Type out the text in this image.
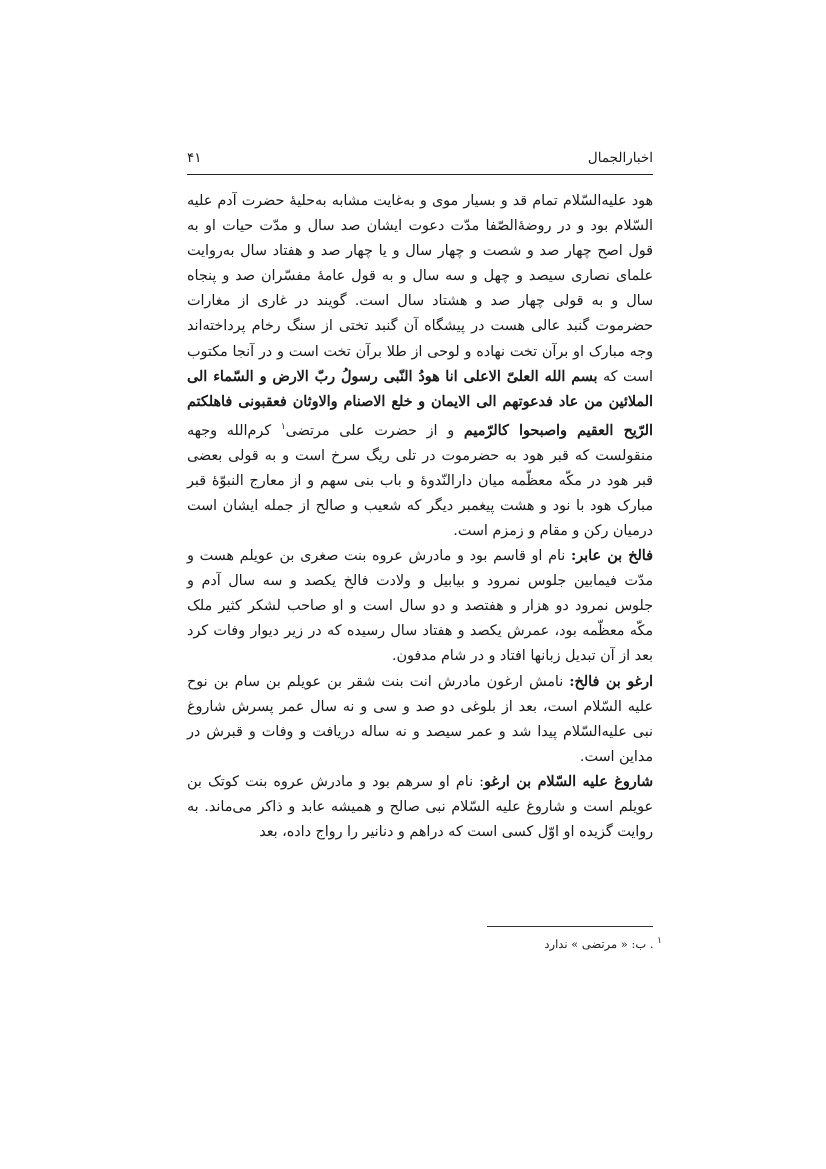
اخبارالجمال
۴۱

هود علیه‌السّلام تمام قد و بسیار موی و به‌غایت مشابه به‌حلیۀ حضرت آدم علیه السّلام بود و در روضۀالصّفا مدّت دعوت ایشان صد سال و مدّت حیات او به قول اصح چهار صد و شصت و چهار سال و یا چهار صد و هفتاد سال به‌روایت علمای نصاری سیصد و چهل و سه سال و به قول عامۀ مفسّران صد و پنجاه سال و به قولی چهار صد و هشتاد سال است. گویند در غاری از مغارات حضرموت گنبد عالی هست در پیشگاه آن گنبد تختی از سنگ رخام پرداخته‌اند وجه مبارک او برآن تخت نهاده و لوحی از طلا برآن تخت است و در آنجا مکتوب است که بسم الله العلیّ الاعلی انا هودُ النّبی رسولُ ربّ الارض و السّماء الی الملائین من عاد فدعوتهم الی الایمان و خلع الاصنام والاوثان فعقبونی فاهلکتم الرّیح العقیم واصبحوا کالرّمیم و از حضرت علی مرتضی$^۱$ کرم‌الله وجهه منقولست که قبر هود به حضرموت در تلی ریگ سرخ است و به قولی بعضی قبر هود در مکّه معظّمه میان دارالنّدوۀ و باب بنی سهم و از معارج النبوّۀ قبر مبارک هود با نود و هشت پیغمبر دیگر که شعیب و صالح از جمله ایشان است درمیان رکن و مقام و زمزم است.

فالخ بن عابر: نام او قاسم بود و مادرش عروه بنت صغری بن عویلم هست و مدّت فیمابین جلوس نمرود و بیابیل و ولادت فالخ یکصد و سه سال آدم و جلوس نمرود دو هزار و هفتصد و دو سال است و او صاحب لشکر کثیر ملک مکّه معظّمه بود، عمرش یکصد و هفتاد سال رسیده که در زیر دیوار وفات کرد بعد از آن تبدیل زبانها افتاد و در شام مدفون.

ارغو بن فالخ: نامش ارغون مادرش انت بنت شقر بن عویلم بن سام بن نوح علیه السّلام است، بعد از بلوغی دو صد و سی و نه سال عمر پسرش شاروغ نبی علیه‌السّلام پیدا شد و عمر سیصد و نه ساله دریافت و وفات و قبرش در مداین است.

شاروغ علیه السّلام بن ارغو: نام او سرهم بود و مادرش عروه بنت کوتک بن عویلم است و شاروغ علیه السّلام نبی صالح و همیشه عابد و ذاکر می‌ماند. به روایت گزیده او اوّل کسی است که دراهم و دنانیر را رواج داده، بعد

$^۱$ . ب: « مرتضی » ندارد
